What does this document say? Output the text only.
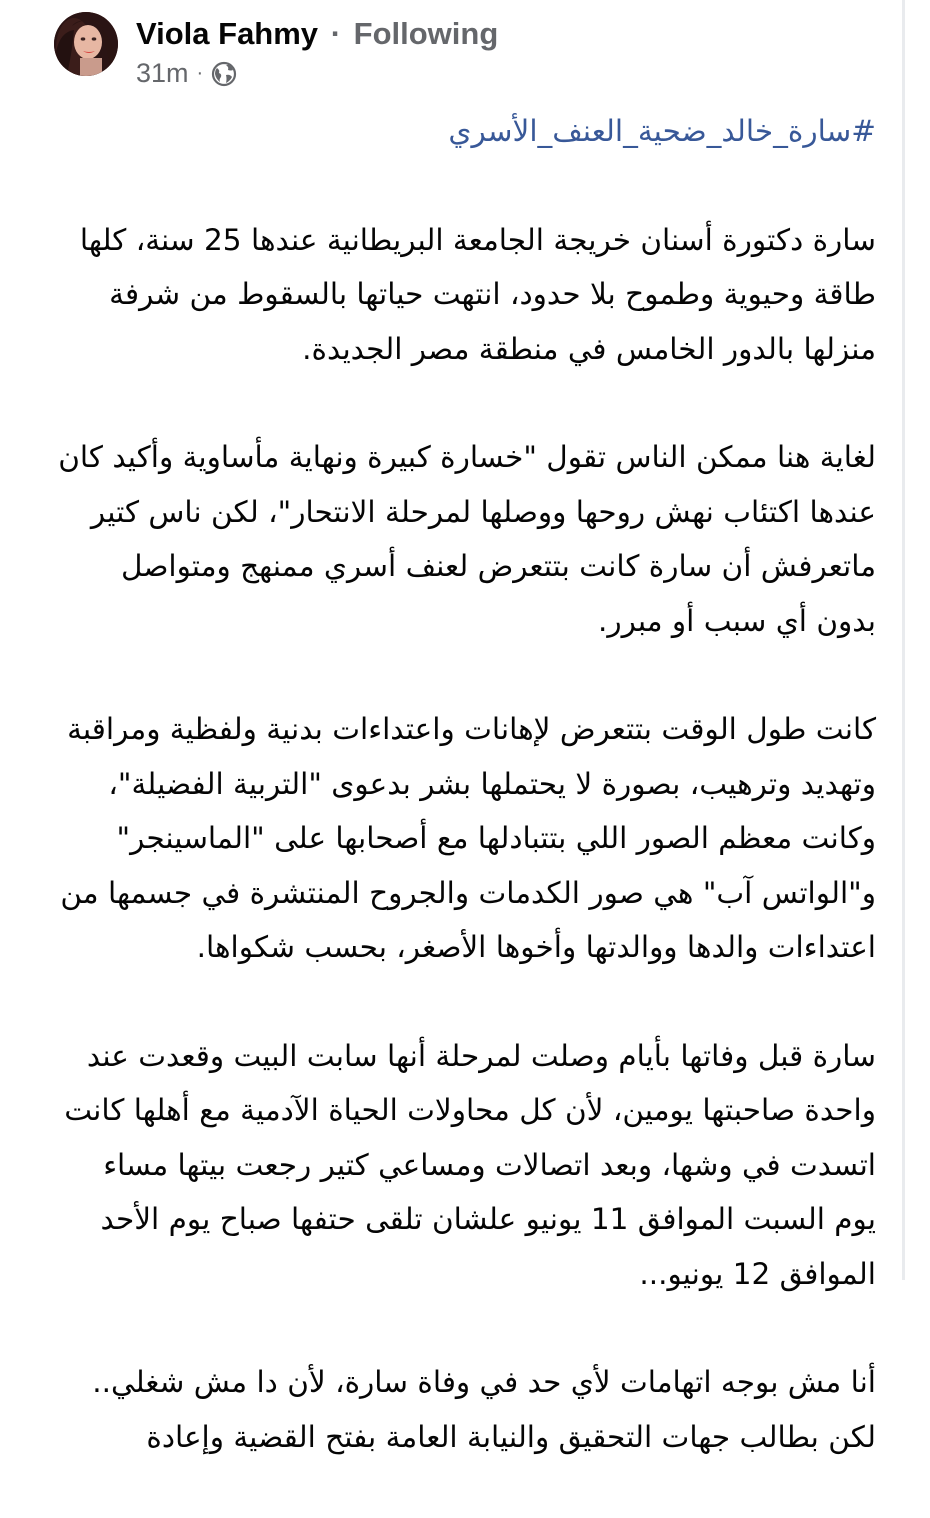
Viola Fahmy · Following
31m ·
#سارة_خالد_ضحية_العنف_الأسري
سارة دكتورة أسنان خريجة الجامعة البريطانية عندها 25 سنة، كلها طاقة وحيوية وطموح بلا حدود، انتهت حياتها بالسقوط من شرفة منزلها بالدور الخامس في منطقة مصر الجديدة.
لغاية هنا ممكن الناس تقول "خسارة كبيرة ونهاية مأساوية وأكيد كان عندها اكتئاب نهش روحها ووصلها لمرحلة الانتحار"، لكن ناس كتير ماتعرفش أن سارة كانت بتتعرض لعنف أسري ممنهج ومتواصل بدون أي سبب أو مبرر.
كانت طول الوقت بتتعرض لإهانات واعتداءات بدنية ولفظية ومراقبة وتهديد وترهيب، بصورة لا يحتملها بشر بدعوى "التربية الفضيلة"، وكانت معظم الصور اللي بتتبادلها مع أصحابها على "الماسينجر" و"الواتس آب" هي صور الكدمات والجروح المنتشرة في جسمها من اعتداءات والدها ووالدتها وأخوها الأصغر، بحسب شكواها.
سارة قبل وفاتها بأيام وصلت لمرحلة أنها سابت البيت وقعدت عند واحدة صاحبتها يومين، لأن كل محاولات الحياة الآدمية مع أهلها كانت اتسدت في وشها، وبعد اتصالات ومساعي كتير رجعت بيتها مساء يوم السبت الموافق 11 يونيو علشان تلقى حتفها صباح يوم الأحد الموافق 12 يونيو...
أنا مش بوجه اتهامات لأي حد في وفاة سارة، لأن دا مش شغلي.. لكن بطالب جهات التحقيق والنيابة العامة بفتح القضية وإعادة
